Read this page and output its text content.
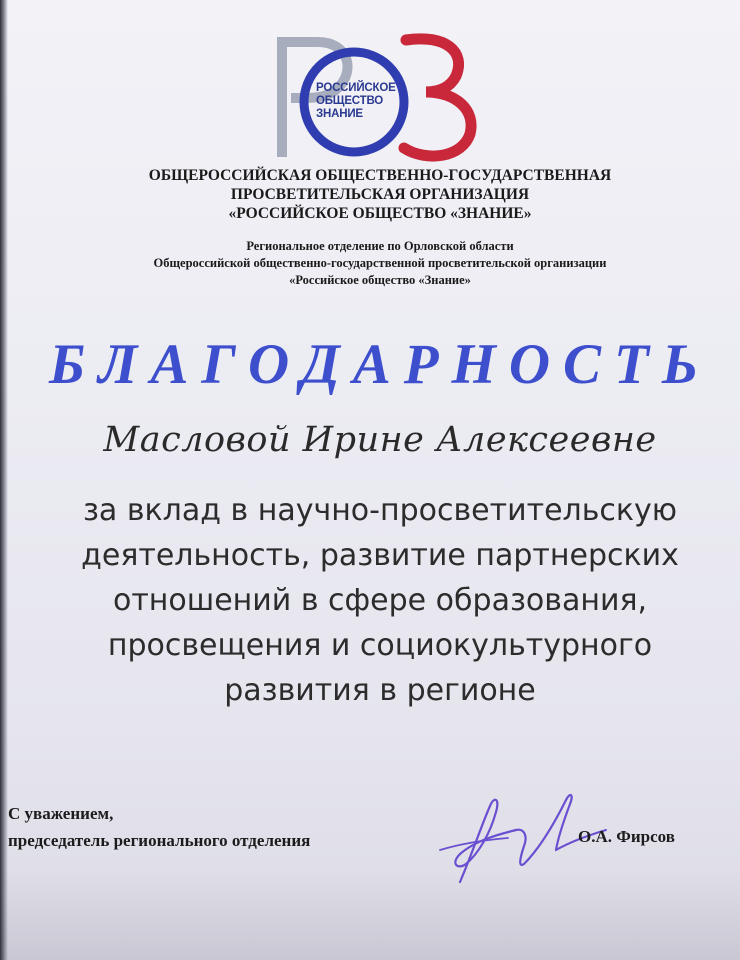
РОССИЙСКОЕ
ОБЩЕСТВО
ЗНАНИЕ
ОБЩЕРОССИЙСКАЯ ОБЩЕСТВЕННО-ГОСУДАРСТВЕННАЯ
ПРОСВЕТИТЕЛЬСКАЯ ОРГАНИЗАЦИЯ
«РОССИЙСКОЕ ОБЩЕСТВО «ЗНАНИЕ»
Региональное отделение по Орловской области
Общероссийской общественно-государственной просветительской организации
«Российское общество «Знание»
БЛАГОДАРНОСТЬ
Масловой Ирине Алексеевне
за вклад в научно-просветительскую
деятельность, развитие партнерских
отношений в сфере образования,
просвещения и социокультурного
развития в регионе
С уважением,
председатель регионального отделения	О.А. Фирсов
